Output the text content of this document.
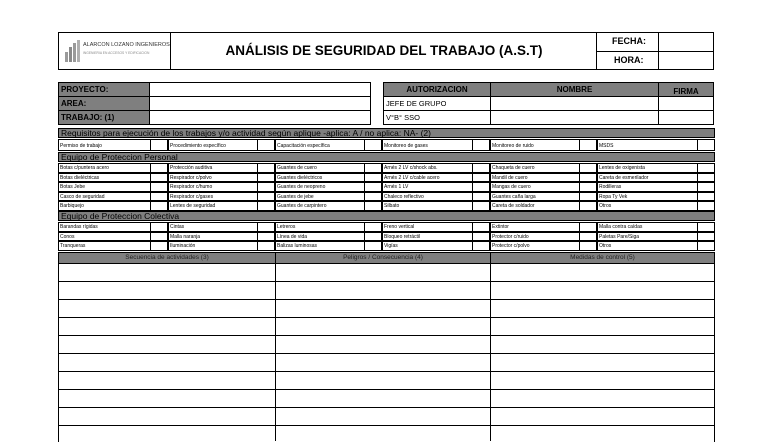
ALARCON LOZANO INGENIEROS
INGENIERIA EN ACCESOS Y EDIFICACION	ANÁLISIS DE SEGURIDAD DEL TRABAJO (A.S.T)
FECHA:
HORA:
PROYECTO:
AREA:
TRABAJO: (1)
AUTORIZACION	NOMBRE	FIRMA
JEFE DE GRUPO
V°B° SSO
Requisitos para ejecución de los trabajos y/o actividad según aplique -aplica: A / no aplica: NA- (2)
Permiso de trabajo	Procedimiento específico	Capacitación específica	Monitoreo de gases	Monitoreo de ruido	MSDS
Equipo de Proteccion Personal
Botas c/puntera acero	Protección auditiva	Guantes de cuero	Arnés 2 LV c/shock abs.	Chaqueta de cuero	Lentes de oxigenista
Botas dieléctricas	Respirador c/polvo	Guantes dieléctricos	Arnés 2 LV c/cable acero	Mandil de cuero	Careta de esmerilador
Botas Jebe	Respirador c/humo	Guantes de neopreno	Arnés 1 LV	Mangas de cuero	Rodilleras
Casco de seguridad	Respirador c/gases	Guantes de jebe	Chaleco reflectivo	Guantes caña larga	Ropa Ty Vek
Barbiquejo	Lentes de seguridad	Guantes de carpintero	Silbato	Careta de soldador	Otros
Equipo de Proteccion Colectiva
Barandas rígidas	Cintas	Letreros	Freno vertical	Extintor	Malla contra caídas
Conos	Malla naranja	Línea de vida	Bloqueo retráctil	Protector c/ruido	Paletas Pare/Siga
Tranqueras	Iluminación	Balizas luminosas	Vigías	Protector c/polvo	Otros
Secuencia de actividades (3)	Peligros / Consecuencia (4)	Medidas de control (5)
